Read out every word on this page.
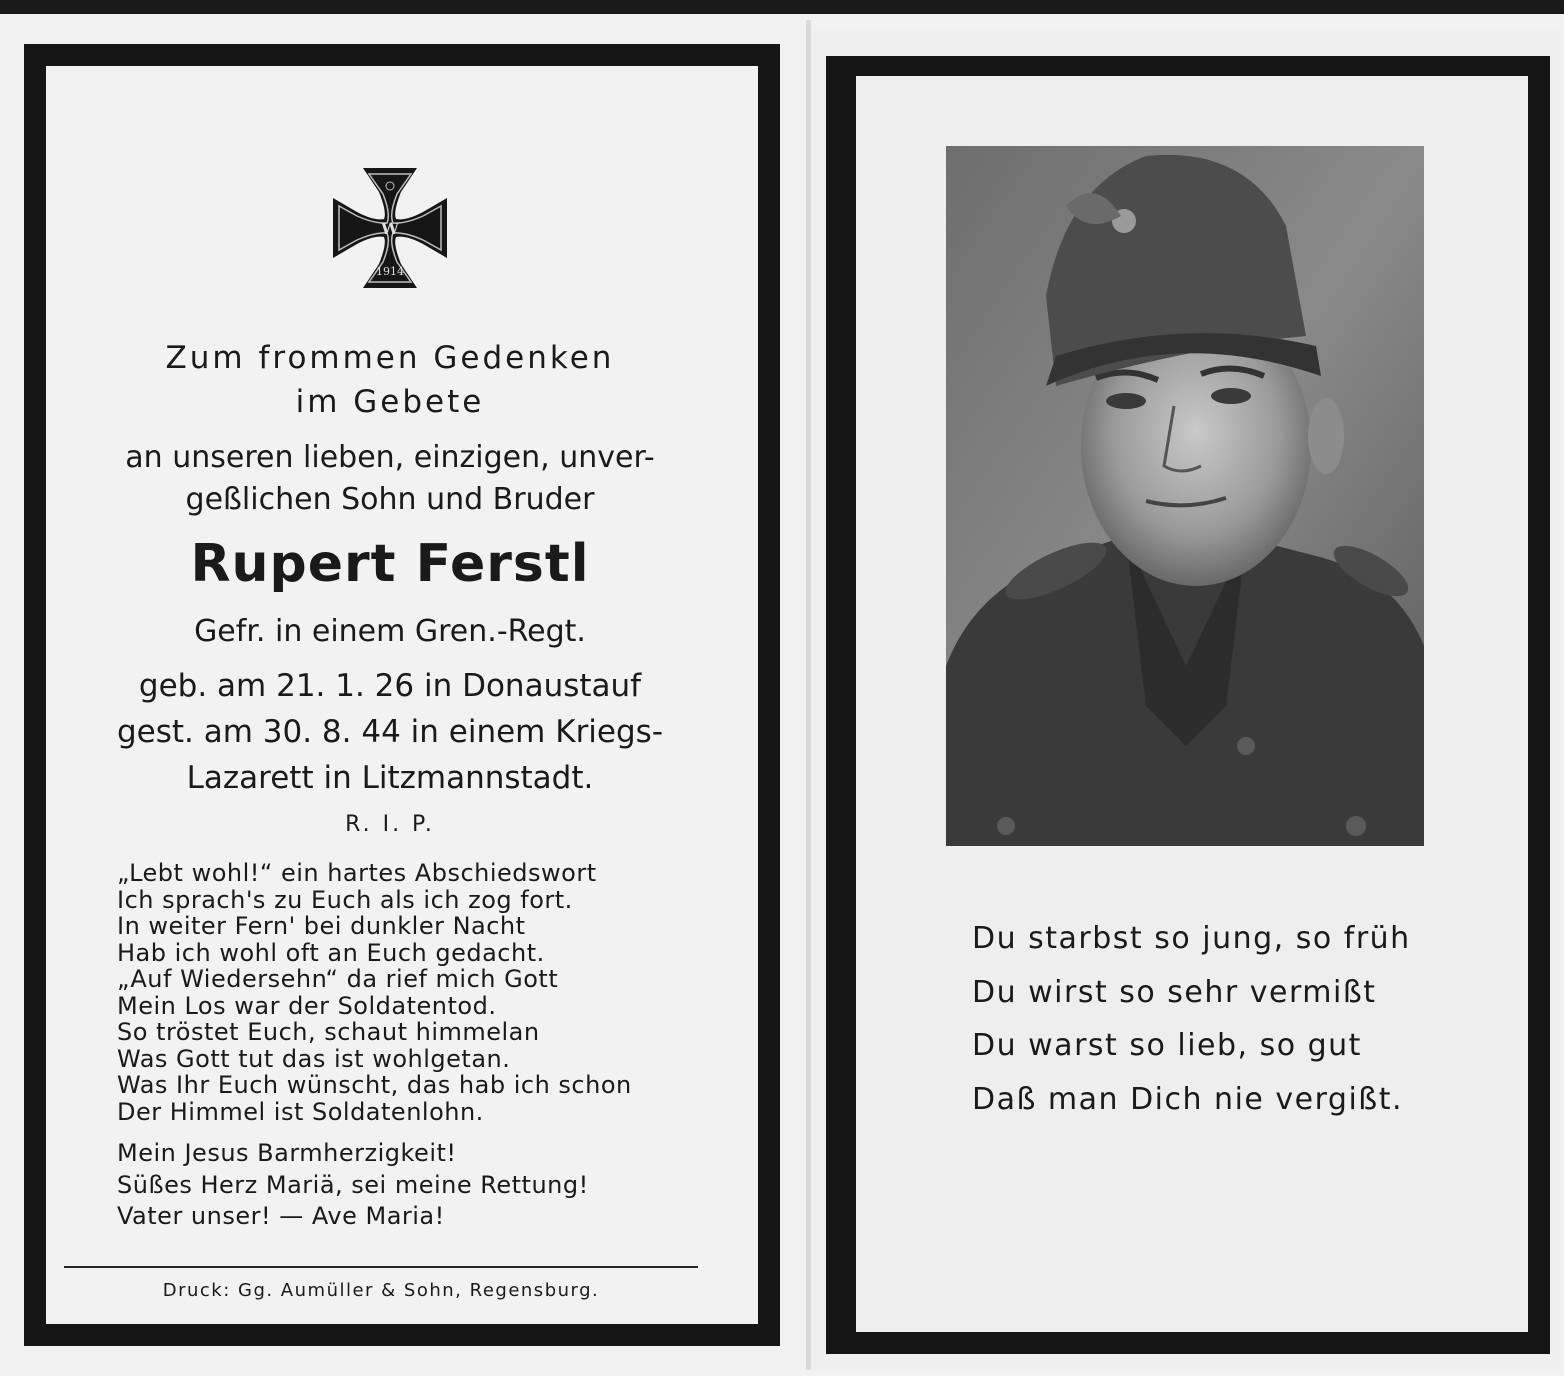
W
1914
Zum frommen Gedenken
im Gebete
an unseren lieben, einzigen, unver-
geßlichen Sohn und Bruder
Rupert Ferstl
Gefr. in einem Gren.-Regt.
geb. am 21. 1. 26 in Donaustauf
gest. am 30. 8. 44 in einem Kriegs-
Lazarett in Litzmannstadt.
R. I. P.
„Lebt wohl!“ ein hartes Abschiedswort
Ich sprach's zu Euch als ich zog fort.
In weiter Fern' bei dunkler Nacht
Hab ich wohl oft an Euch gedacht.
„Auf Wiedersehn“ da rief mich Gott
Mein Los war der Soldatentod.
So tröstet Euch, schaut himmelan
Was Gott tut das ist wohlgetan.
Was Ihr Euch wünscht, das hab ich schon
Der Himmel ist Soldatenlohn.
Mein Jesus Barmherzigkeit!
Süßes Herz Mariä, sei meine Rettung!
Vater unser! — Ave Maria!
Druck: Gg. Aumüller & Sohn, Regensburg.
Du starbst so jung, so früh
Du wirst so sehr vermißt
Du warst so lieb, so gut
Daß man Dich nie vergißt.
